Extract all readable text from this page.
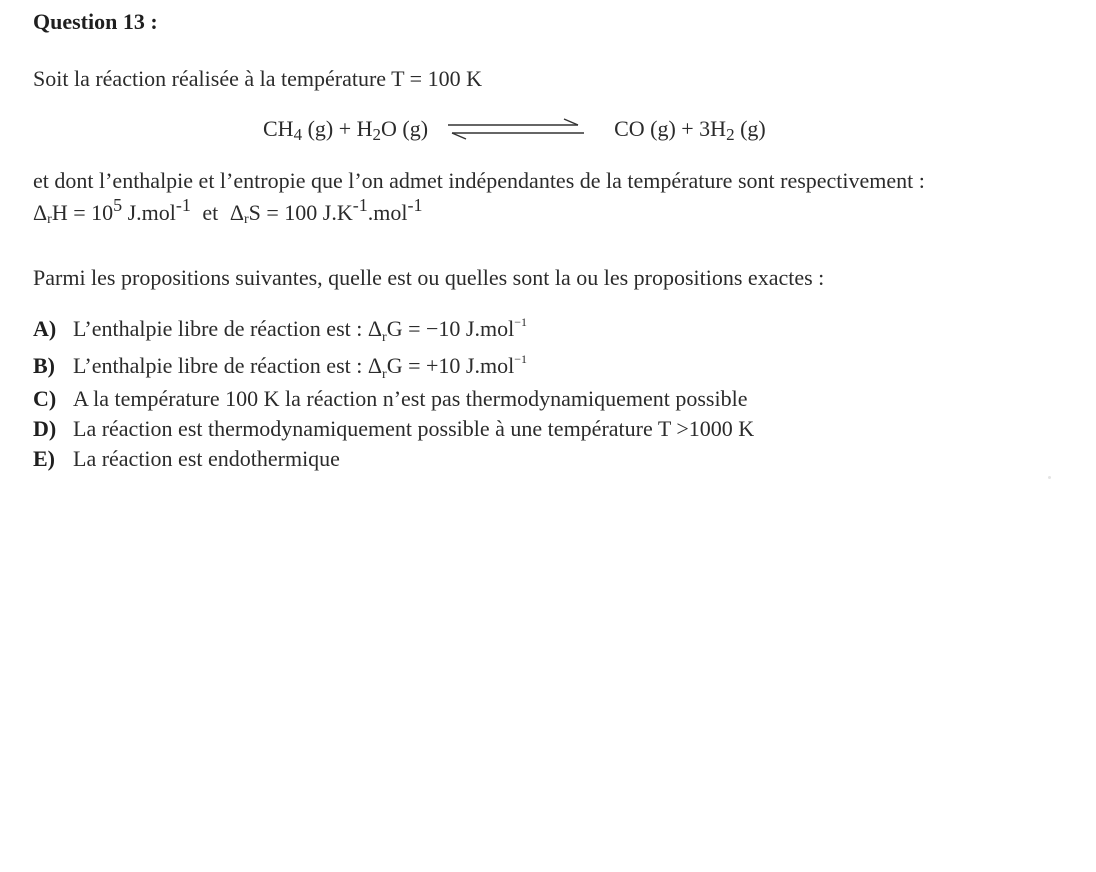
Question 13 :
Soit la réaction réalisée à la température T = 100 K
$CH_4$ $(g) + H_2O$ (g)	CO $(g) + 3H_2$ (g)
et dont l’enthalpie et l’entropie que l’on admet indépendantes de la température sont respectivement :
$\Delta_rH = 10^5$ J.mol$^{-1}$ et $\Delta_rS = 100$ $J.K^{-1}.mol^{-1}$
Parmi les propositions suivantes, quelle est ou quelles sont la ou les propositions exactes :
A) L’enthalpie libre de réaction est : $\Delta_rG = -10$ J.mol$^{-1}$
B) L’enthalpie libre de réaction est : $\Delta_rG = +10$ J.mol$^{-1}$
C) A la température 100 K la réaction n’est pas thermodynamiquement possible
D) La réaction est thermodynamiquement possible à une température T >1000 K
E) La réaction est endothermique
